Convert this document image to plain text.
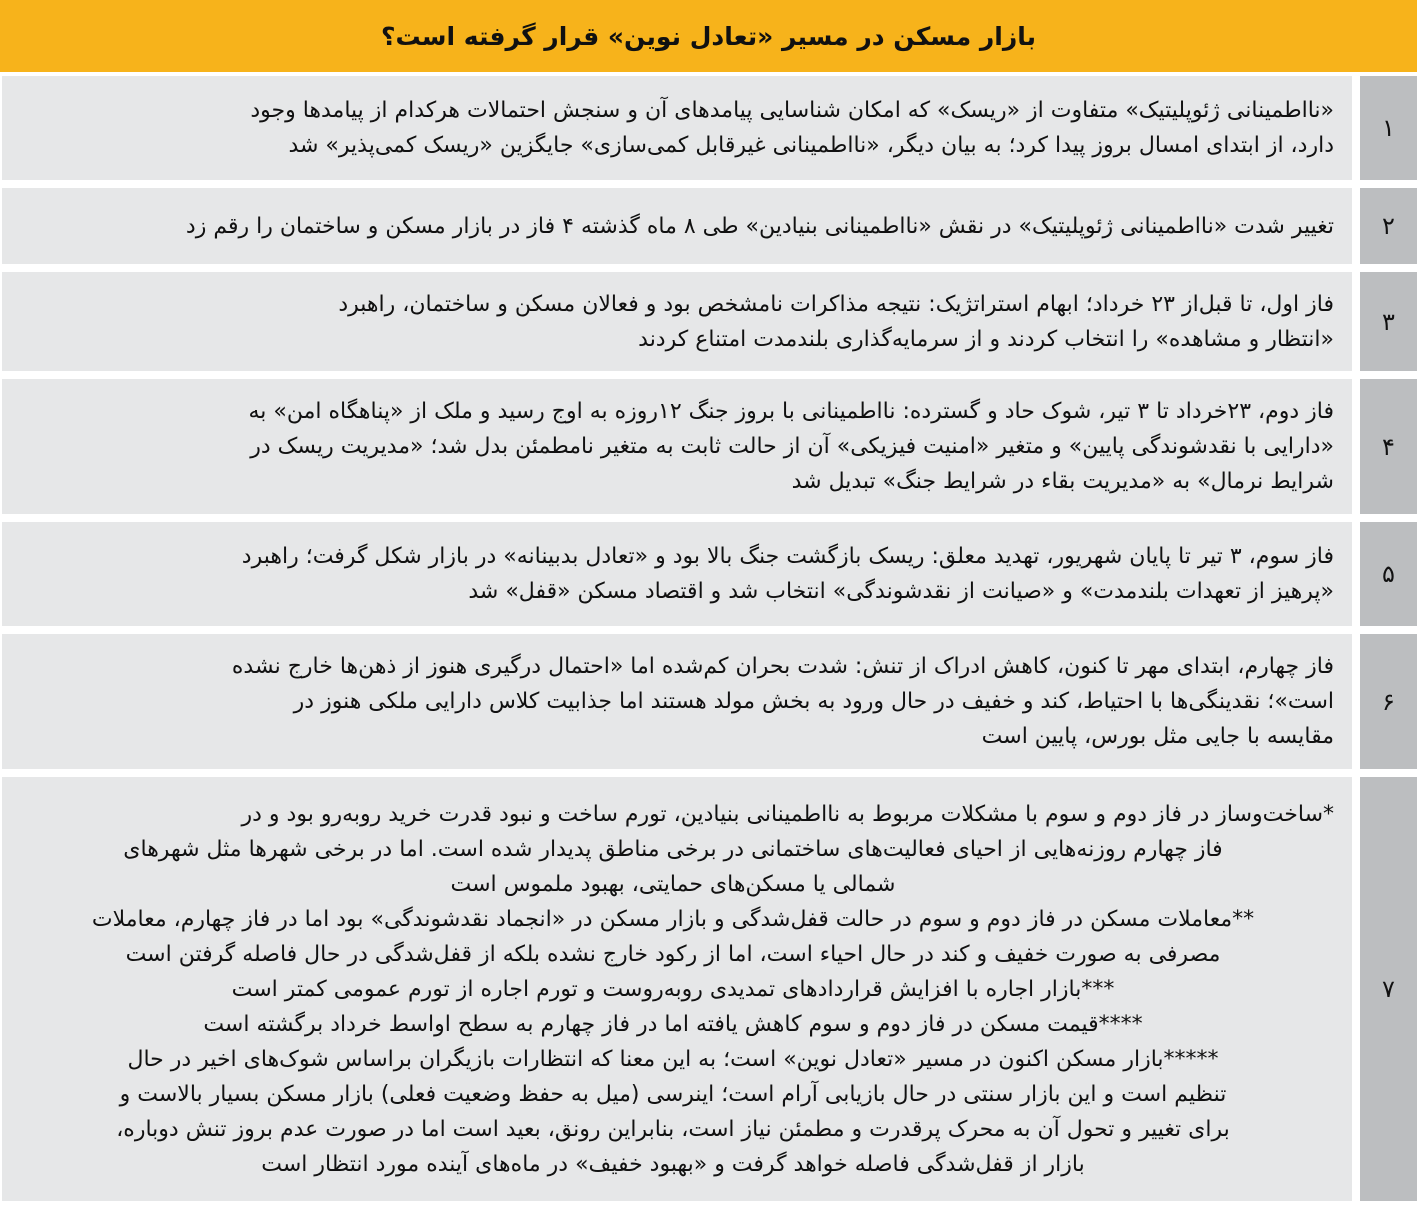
بازار مسکن در مسیر «تعادل نوین» قرار گرفته است؟

«نااطمینانی ژئوپلیتیک» متفاوت از «ریسک» که امکان شناسایی پیامدهای آن و سنجش احتمالات هرکدام از پیامدها وجود

دارد، از ابتدای امسال بروز پیدا کرد؛ به بیان دیگر، «نااطمینانی غیرقابل کمی‌سازی» جایگزین «ریسک کمی‌پذیر» شد

۱

تغییر شدت «نااطمینانی ژئوپلیتیک» در نقش «نااطمینانی بنیادین» طی ۸ ماه گذشته ۴ فاز در بازار مسکن و ساختمان را رقم زد	۲

فاز اول، تا قبل‌از ۲۳ خرداد؛ ابهام استراتژیک: نتیجه مذاکرات نامشخص بود و فعالان مسکن و ساختمان، راهبرد

«انتظار و مشاهده» را انتخاب کردند و از سرمایه‌گذاری بلندمدت امتناع کردند

۳

فاز دوم، ۲۳خرداد تا ۳ تیر، شوک حاد و گسترده: نااطمینانی با بروز جنگ ۱۲روزه به اوج رسید و ملک از «پناهگاه امن» به

«دارایی با نقدشوندگی پایین» و متغیر «امنیت فیزیکی» آن از حالت ثابت به متغیر نامطمئن بدل شد؛ «مدیریت ریسک در

شرایط نرمال» به «مدیریت بقاء در شرایط جنگ» تبدیل شد

۴

فاز سوم، ۳ تیر تا پایان شهریور، تهدید معلق: ریسک بازگشت جنگ بالا بود و «تعادل بدبینانه» در بازار شکل گرفت؛ راهبرد

«پرهیز از تعهدات بلندمدت» و «صیانت از نقدشوندگی» انتخاب شد و اقتصاد مسکن «قفل» شد

۵

فاز چهارم، ابتدای مهر تا کنون، کاهش ادراک از تنش: شدت بحران کم‌شده اما «احتمال درگیری هنوز از ذهن‌ها خارج نشده

است»؛ نقدینگی‌ها با احتیاط، کند و خفیف در حال ورود به بخش مولد هستند اما جذابیت کلاس دارایی ملکی هنوز در

مقایسه با جایی مثل بورس، پایین است

۶

*ساخت‌وساز در فاز دوم و سوم با مشکلات مربوط به نااطمینانی بنیادین، تورم ساخت و نبود قدرت خرید روبه‌رو بود و در

فاز چهارم روزنه‌هایی از احیای فعالیت‌های ساختمانی در برخی مناطق پدیدار شده است. اما در برخی شهرها مثل شهرهای

شمالی یا مسکن‌های حمایتی، بهبود ملموس است

**معاملات مسکن در فاز دوم و سوم در حالت قفل‌شدگی و بازار مسکن در «انجماد نقدشوندگی» بود اما در فاز چهارم، معاملات

مصرفی به صورت خفیف و کند در حال احیاء است، اما از رکود خارج نشده بلکه از قفل‌شدگی در حال فاصله گرفتن است

***بازار اجاره با افزایش قراردادهای تمدیدی روبه‌روست و تورم اجاره از تورم عمومی کمتر است

****قیمت مسکن در فاز دوم و سوم کاهش یافته اما در فاز چهارم به سطح اواسط خرداد برگشته است

*****بازار مسکن اکنون در مسیر «تعادل نوین» است؛ به این معنا که انتظارات بازیگران براساس شوک‌های اخیر در حال

تنظیم است و این بازار سنتی در حال بازیابی آرام است؛ اینرسی (میل به حفظ وضعیت فعلی) بازار مسکن بسیار بالاست و

برای تغییر و تحول آن به محرک پرقدرت و مطمئن نیاز است، بنابراین رونق، بعید است اما در صورت عدم بروز تنش دوباره،

بازار از قفل‌شدگی فاصله خواهد گرفت و «بهبود خفیف» در ماه‌های آینده مورد انتظار است

۷
